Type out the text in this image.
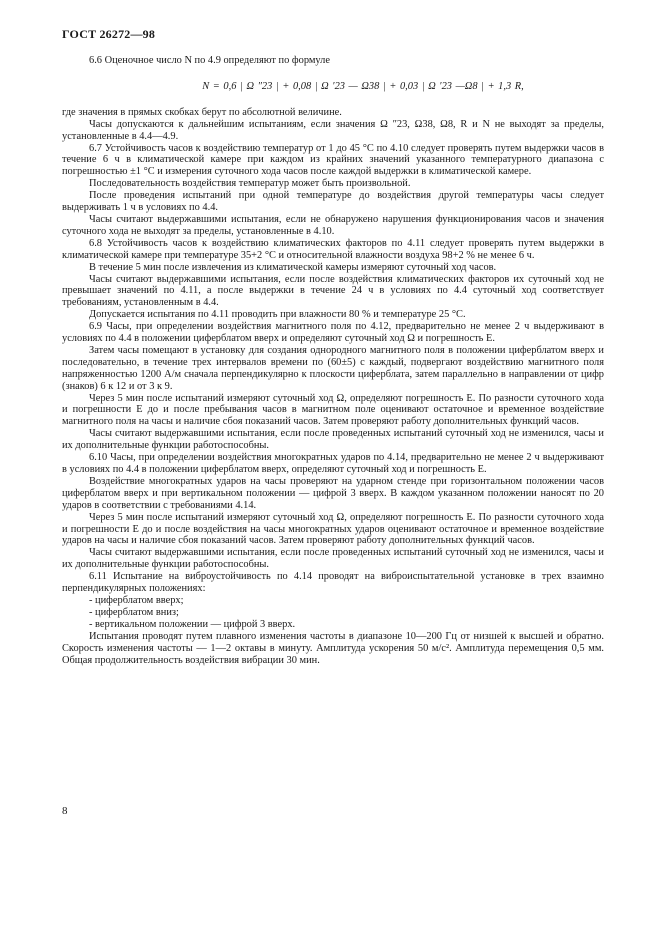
ГОСТ 26272—98

6.6 Оценочное число N по 4.9 определяют по формуле

N = 0,6 | Ω ″23 | + 0,08 | Ω ′23 — Ω38 | + 0,03 | Ω ′23 —Ω8 | + 1,3 R,

где значения в прямых скобках берут по абсолютной величине.

Часы допускаются к дальнейшим испытаниям, если значения Ω ″23, Ω38, Ω8, R и N не выходят за пределы, установленные в 4.4—4.9.

6.7 Устойчивость часов к воздействию температур от 1 до 45 °С по 4.10 следует проверять путем выдержки часов в течение 6 ч в климатической камере при каждом из крайних значений указанного температурного диапазона с погрешностью ±1 °С и измерения суточного хода часов после каждой выдержки в климатической камере.

Последовательность воздействия температур может быть произвольной.

После проведения испытаний при одной температуре до воздействия другой температуры часы следует выдерживать 1 ч в условиях по 4.4.

Часы считают выдержавшими испытания, если не обнаружено нарушения функционирования часов и значения суточного хода не выходят за пределы, установленные в 4.10.

6.8 Устойчивость часов к воздействию климатических факторов по 4.11 следует проверять путем выдержки в климатической камере при температуре 35+2 °С и относительной влажности воздуха 98+2 % не менее 6 ч.

В течение 5 мин после извлечения из климатической камеры измеряют суточный ход часов.

Часы считают выдержавшими испытания, если после воздействия климатических факторов их суточный ход не превышает значений по 4.11, а после выдержки в течение 24 ч в условиях по 4.4 суточный ход соответствует требованиям, установленным в 4.4.

Допускается испытания по 4.11 проводить при влажности 80 % и температуре 25 °С.

6.9 Часы, при определении воздействия магнитного поля по 4.12, предварительно не менее 2 ч выдерживают в условиях по 4.4 в положении циферблатом вверх и определяют суточный ход Ω и погрешность Е.

Затем часы помещают в установку для создания однородного магнитного поля в положении циферблатом вверх и последовательно, в течение трех интервалов времени по (60±5) с каждый, подвергают воздействию магнитного поля напряженностью 1200 А/м сначала перпендикулярно к плоскости циферблата, затем параллельно в направлении от цифр (знаков) 6 к 12 и от 3 к 9.

Через 5 мин после испытаний измеряют суточный ход Ω, определяют погрешность Е. По разности суточного хода и погрешности Е до и после пребывания часов в магнитном поле оценивают остаточное и временное воздействие магнитного поля на часы и наличие сбоя показаний часов. Затем проверяют работу дополнительных функций часов.

Часы считают выдержавшими испытания, если после проведенных испытаний суточный ход не изменился, часы и их дополнительные функции работоспособны.

6.10 Часы, при определении воздействия многократных ударов по 4.14, предварительно не менее 2 ч выдерживают в условиях по 4.4 в положении циферблатом вверх, определяют суточный ход и погрешность Е.

Воздействие многократных ударов на часы проверяют на ударном стенде при горизонтальном положении часов циферблатом вверх и при вертикальном положении — цифрой 3 вверх. В каждом указанном положении наносят по 20 ударов в соответствии с требованиями 4.14.

Через 5 мин после испытаний измеряют суточный ход Ω, определяют погрешность Е. По разности суточного хода и погрешности Е до и после воздействия на часы многократных ударов оценивают остаточное и временное воздействие ударов на часы и наличие сбоя показаний часов. Затем проверяют работу дополнительных функций часов.

Часы считают выдержавшими испытания, если после проведенных испытаний суточный ход не изменился, часы и их дополнительные функции работоспособны.

6.11 Испытание на виброустойчивость по 4.14 проводят на виброиспытательной установке в трех взаимно перпендикулярных положениях:

- циферблатом вверх;

- циферблатом вниз;

- вертикальном положении — цифрой 3 вверх.

Испытания проводят путем плавного изменения частоты в диапазоне 10—200 Гц от низшей к высшей и обратно. Скорость изменения частоты — 1—2 октавы в минуту. Амплитуда ускорения 50 м/с². Амплитуда перемещения 0,5 мм. Общая продолжительность воздействия вибрации 30 мин.

8
